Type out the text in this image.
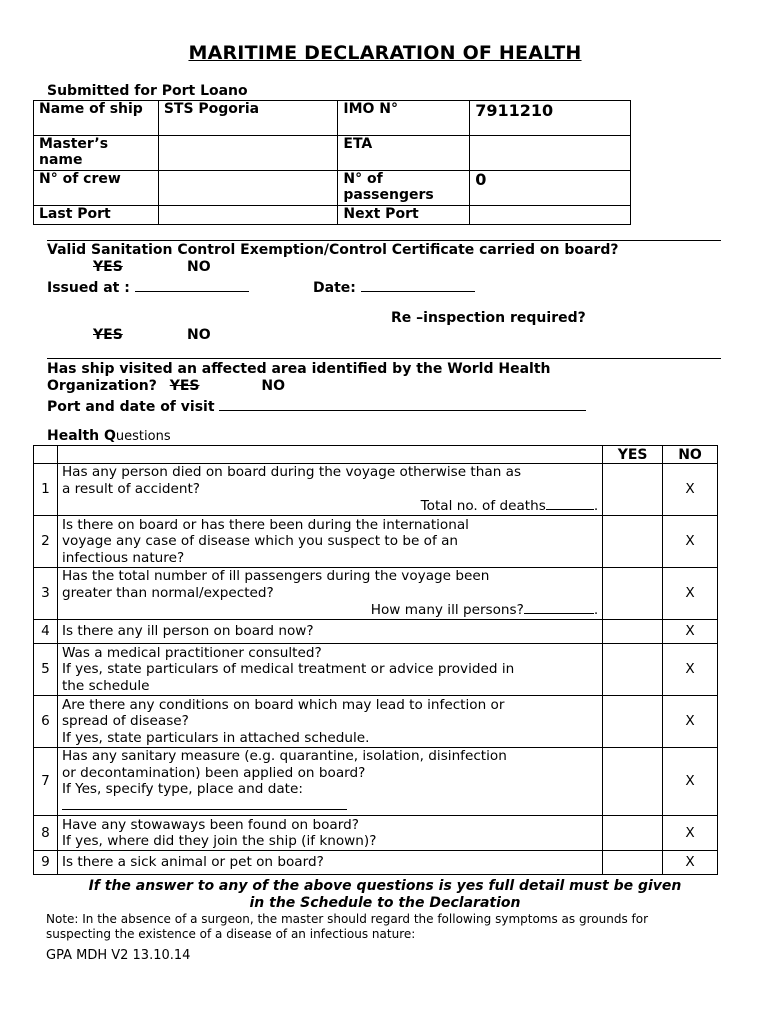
MARITIME DECLARATION OF HEALTH
Submitted for Port Loano
Name of ship	STS Pogoria	IMO N°	7911210
Master’s name		ETA	
N° of crew		N° of passengers	0
Last Port		Next Port	
Valid Sanitation Control Exemption/Control Certificate carried on board?
YES	NO
Issued at :	Date:
Re –inspection required?
YES	NO
Has ship visited an affected area identified by the World Health
Organization? YES	NO
Port and date of visit
Health Questions
		YES	NO
1	Has any person died on board during the voyage otherwise than as
a result of accident?
Total no. of deaths .		X
2	Is there on board or has there been during the international
voyage any case of disease which you suspect to be of an
infectious nature?		X
3	Has the total number of ill passengers during the voyage been
greater than normal/expected?
How many ill persons? .		X
4	Is there any ill person on board now?		X
5	Was a medical practitioner consulted?
If yes, state particulars of medical treatment or advice provided in
the schedule		X
6	Are there any conditions on board which may lead to infection or
spread of disease?
If yes, state particulars in attached schedule.		X
7	Has any sanitary measure (e.g. quarantine, isolation, disinfection
or decontamination) been applied on board?
If Yes, specify type, place and date:		X
8	Have any stowaways been found on board?
If yes, where did they join the ship (if known)?		X
9	Is there a sick animal or pet on board?		X
If the answer to any of the above questions is yes full detail must be given
in the Schedule to the Declaration
Note: In the absence of a surgeon, the master should regard the following symptoms as grounds for
suspecting the existence of a disease of an infectious nature:
GPA MDH V2 13.10.14
